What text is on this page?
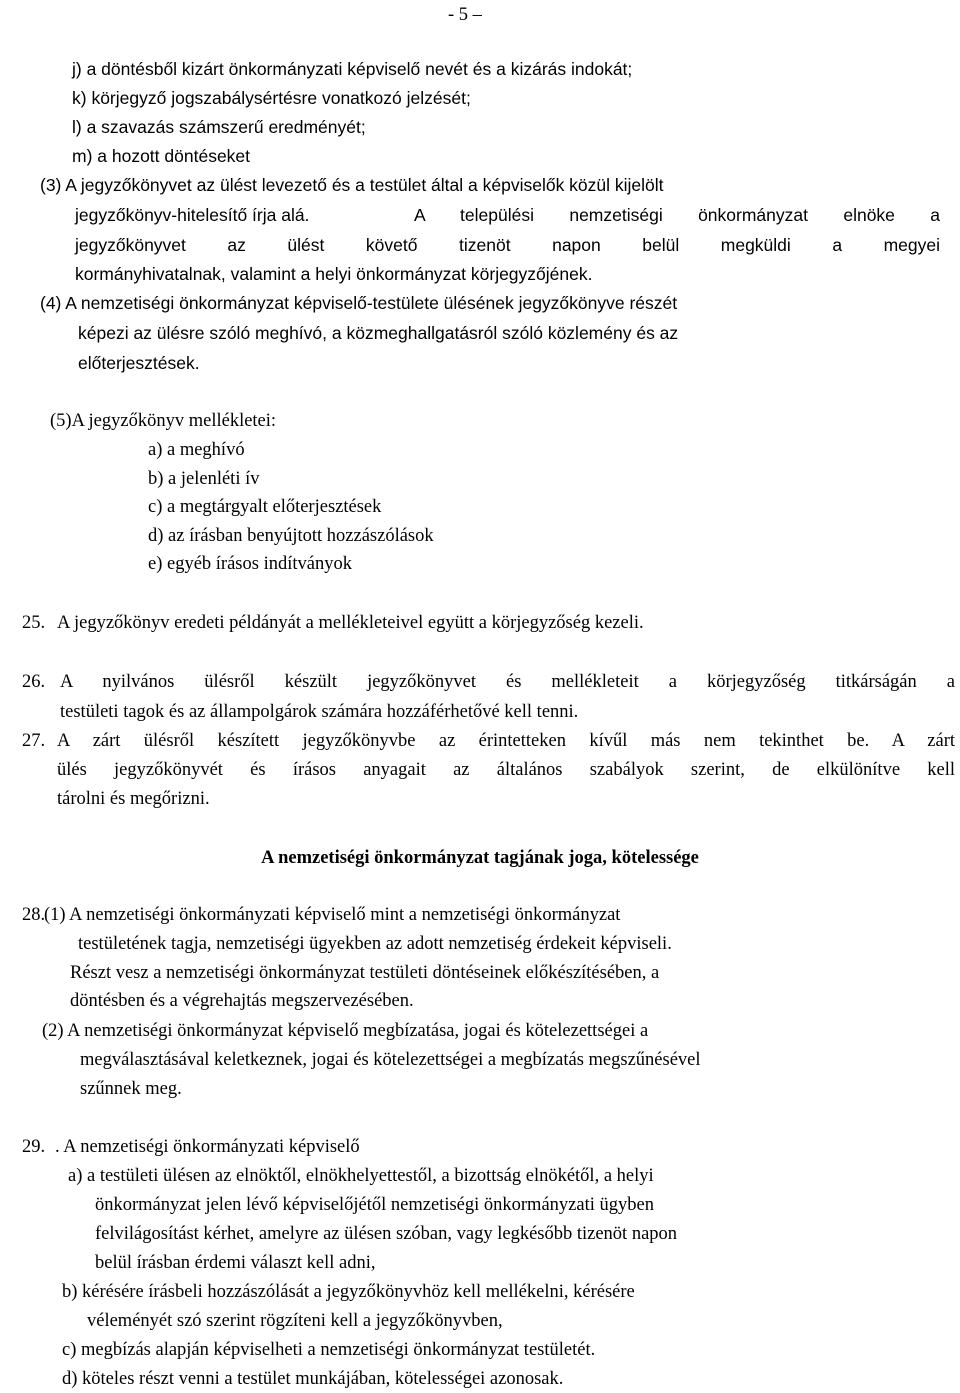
- 5 –
j) a döntésből kizárt önkormányzati képviselő nevét és a kizárás indokát;
k) körjegyző jogszabálysértésre vonatkozó jelzését;
l) a szavazás számszerű eredményét;
m) a hozott döntéseket
(3) A jegyzőkönyvet az ülést levezető és a testület által a képviselők közül kijelölt
jegyzőkönyv-hitelesítő írja alá.	A települési nemzetiségi önkormányzat elnöke a
jegyzőkönyvet az ülést követő tizenöt napon belül megküldi a megyei
kormányhivatalnak, valamint a helyi önkormányzat körjegyzőjének.
(4) A nemzetiségi önkormányzat képviselő-testülete ülésének jegyzőkönyve részét
képezi az ülésre szóló meghívó, a közmeghallgatásról szóló közlemény és az
előterjesztések.
(5)A jegyzőkönyv mellékletei:
a) a meghívó
b) a jelenléti ív
c) a megtárgyalt előterjesztések
d) az írásban benyújtott hozzászólások
e) egyéb írásos indítványok
25. A jegyzőkönyv eredeti példányát a mellékleteivel együtt a körjegyzőség kezeli.
26. A nyilvános ülésről készült jegyzőkönyvet és mellékleteit a körjegyzőség titkárságán a
testületi tagok és az állampolgárok számára hozzáférhetővé kell tenni.
27. A zárt ülésről készített jegyzőkönyvbe az érintetteken kívűl más nem tekinthet be. A zárt
ülés jegyzőkönyvét és írásos anyagait az általános szabályok szerint, de elkülönítve kell
tárolni és megőrizni.
A nemzetiségi önkormányzat tagjának joga, kötelessége
28.
(1) A nemzetiségi önkormányzati képviselő mint a nemzetiségi önkormányzat
testületének tagja, nemzetiségi ügyekben az adott nemzetiség érdekeit képviseli.
Részt vesz a nemzetiségi önkormányzat testületi döntéseinek előkészítésében, a
döntésben és a végrehajtás megszervezésében.
(2) A nemzetiségi önkormányzat képviselő megbízatása, jogai és kötelezettségei a
megválasztásával keletkeznek, jogai és kötelezettségei a megbízatás megszűnésével
szűnnek meg.
29. . A nemzetiségi önkormányzati képviselő
a) a testületi ülésen az elnöktől, elnökhelyettestől, a bizottság elnökétől, a helyi
önkormányzat jelen lévő képviselőjétől nemzetiségi önkormányzati ügyben
felvilágosítást kérhet, amelyre az ülésen szóban, vagy legkésőbb tizenöt napon
belül írásban érdemi választ kell adni,
b) kérésére írásbeli hozzászólását a jegyzőkönyvhöz kell mellékelni, kérésére
véleményét szó szerint rögzíteni kell a jegyzőkönyvben,
c) megbízás alapján képviselheti a nemzetiségi önkormányzat testületét.
d) köteles részt venni a testület munkájában, kötelességei azonosak.
